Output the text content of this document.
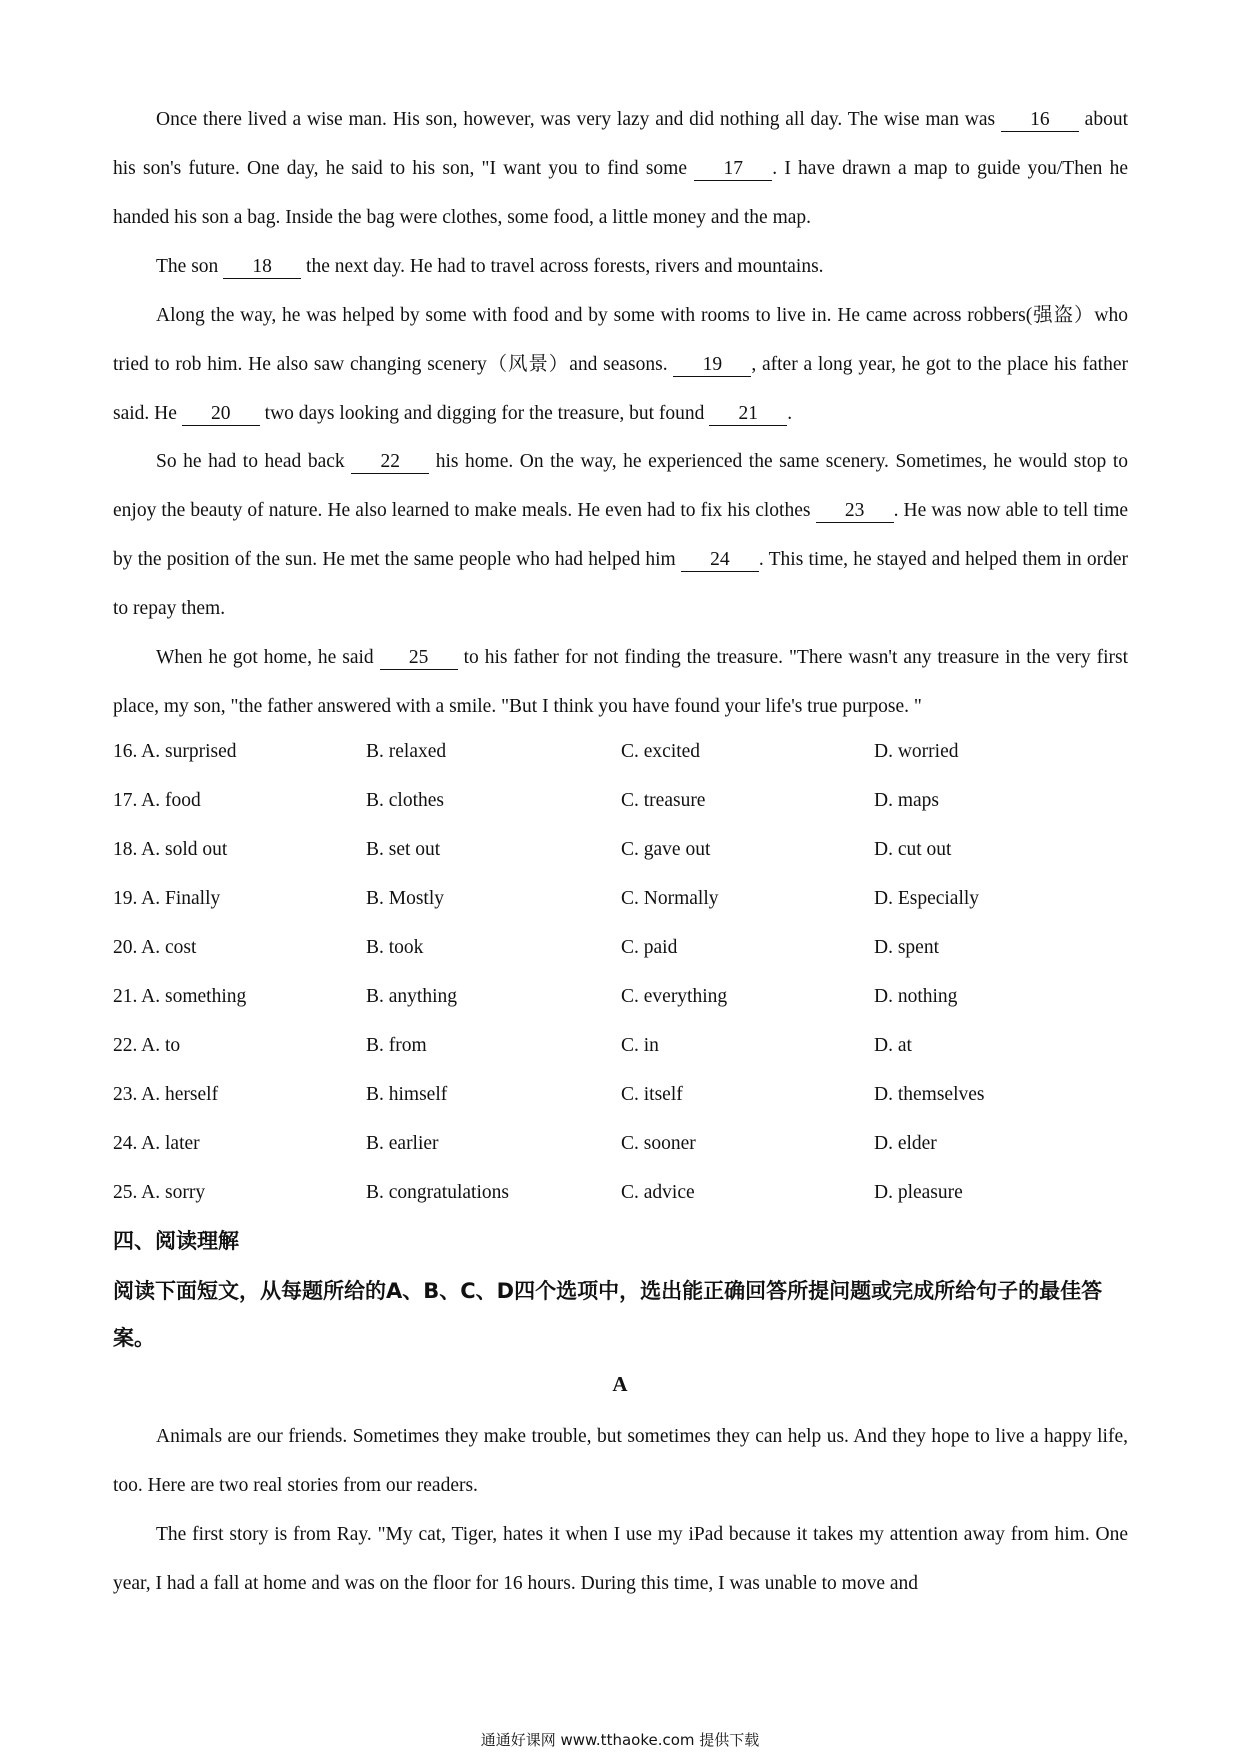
Once there lived a wise man. His son, however, was very lazy and did nothing all day. The wise man was 16 about his son's future. One day, he said to his son, "I want you to find some 17 . I have drawn a map to guide you/Then he handed his son a bag. Inside the bag were clothes, some food, a little money and the map.

The son 18 the next day. He had to travel across forests, rivers and mountains.

Along the way, he was helped by some with food and by some with rooms to live in. He came across robbers(强盗）who tried to rob him. He also saw changing scenery（风景）and seasons. 19 , after a long year, he got to the place his father said. He 20 two days looking and digging for the treasure, but found 21 .

So he had to head back 22 his home. On the way, he experienced the same scenery. Sometimes, he would stop to enjoy the beauty of nature. He also learned to make meals. He even had to fix his clothes 23 . He was now able to tell time by the position of the sun. He met the same people who had helped him 24 . This time, he stayed and helped them in order to repay them.

When he got home, he said 25 to his father for not finding the treasure. "There wasn't any treasure in the very first place, my son, "the father answered with a smile. "But I think you have found your life's true purpose. "

16. A. surprised	B. relaxed	C. excited	D. worried
17. A. food	B. clothes	C. treasure	D. maps
18. A. sold out	B. set out	C. gave out	D. cut out
19. A. Finally	B. Mostly	C. Normally	D. Especially
20. A. cost	B. took	C. paid	D. spent
21. A. something	B. anything	C. everything	D. nothing
22. A. to	B. from	C. in	D. at
23. A. herself	B. himself	C. itself	D. themselves
24. A. later	B. earlier	C. sooner	D. elder
25. A. sorry	B. congratulations	C. advice	D. pleasure
四、阅读理解
阅读下面短文，从每题所给的A、B、C、D四个选项中，选出能正确回答所提问题或完成所给句子的最佳答案。
A

Animals are our friends. Sometimes they make trouble, but sometimes they can help us. And they hope to live a happy life, too. Here are two real stories from our readers.

The first story is from Ray. "My cat, Tiger, hates it when I use my iPad because it takes my attention away from him. One year, I had a fall at home and was on the floor for 16 hours. During this time, I was unable to move and

通通好课网 www.tthaoke.com 提供下载
